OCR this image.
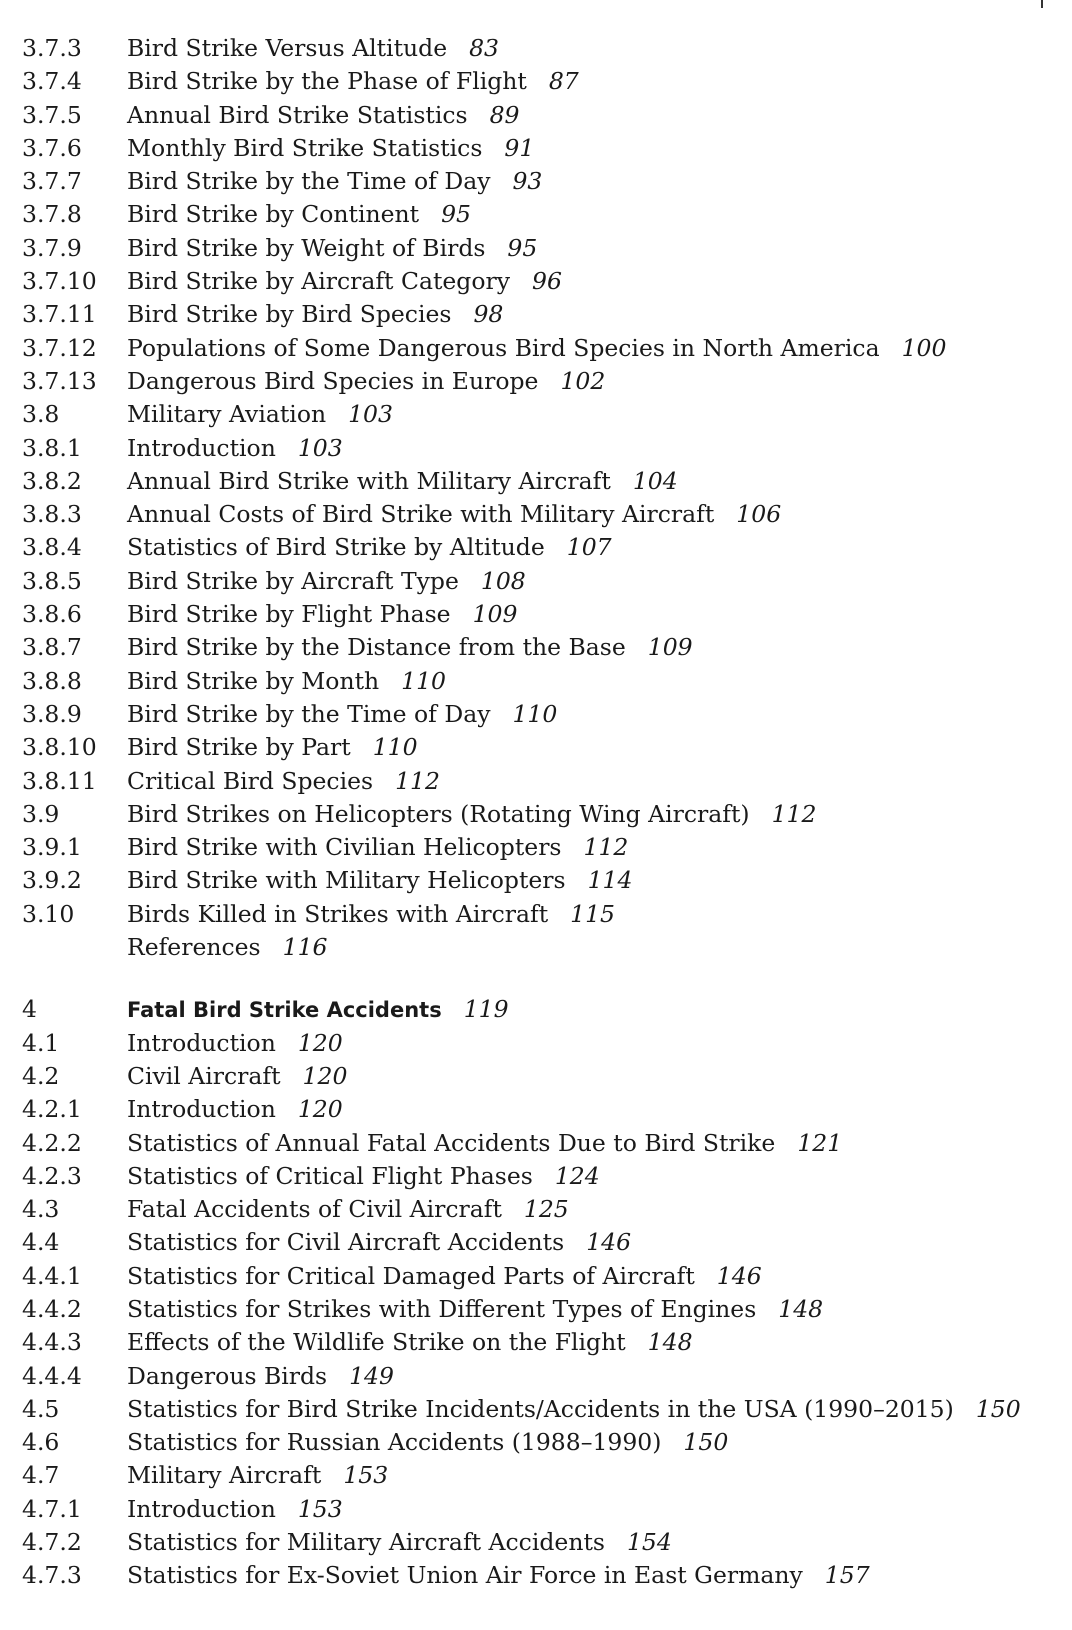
3.7.3	Bird Strike Versus Altitude 83
3.7.4	Bird Strike by the Phase of Flight 87
3.7.5	Annual Bird Strike Statistics 89
3.7.6	Monthly Bird Strike Statistics 91
3.7.7	Bird Strike by the Time of Day 93
3.7.8	Bird Strike by Continent 95
3.7.9	Bird Strike by Weight of Birds 95
3.7.10	Bird Strike by Aircraft Category 96
3.7.11	Bird Strike by Bird Species 98
3.7.12	Populations of Some Dangerous Bird Species in North America 100
3.7.13	Dangerous Bird Species in Europe 102
3.8	Military Aviation 103
3.8.1	Introduction 103
3.8.2	Annual Bird Strike with Military Aircraft 104
3.8.3	Annual Costs of Bird Strike with Military Aircraft 106
3.8.4	Statistics of Bird Strike by Altitude 107
3.8.5	Bird Strike by Aircraft Type 108
3.8.6	Bird Strike by Flight Phase 109
3.8.7	Bird Strike by the Distance from the Base 109
3.8.8	Bird Strike by Month 110
3.8.9	Bird Strike by the Time of Day 110
3.8.10	Bird Strike by Part 110
3.8.11	Critical Bird Species 112
3.9	Bird Strikes on Helicopters (Rotating Wing Aircraft) 112
3.9.1	Bird Strike with Civilian Helicopters 112
3.9.2	Bird Strike with Military Helicopters 114
3.10	Birds Killed in Strikes with Aircraft 115
References 116
4	Fatal Bird Strike Accidents 119
4.1	Introduction 120
4.2	Civil Aircraft 120
4.2.1	Introduction 120
4.2.2	Statistics of Annual Fatal Accidents Due to Bird Strike 121
4.2.3	Statistics of Critical Flight Phases 124
4.3	Fatal Accidents of Civil Aircraft 125
4.4	Statistics for Civil Aircraft Accidents 146
4.4.1	Statistics for Critical Damaged Parts of Aircraft 146
4.4.2	Statistics for Strikes with Different Types of Engines 148
4.4.3	Effects of the Wildlife Strike on the Flight 148
4.4.4	Dangerous Birds 149
4.5	Statistics for Bird Strike Incidents/Accidents in the USA (1990–2015) 150
4.6	Statistics for Russian Accidents (1988–1990) 150
4.7	Military Aircraft 153
4.7.1	Introduction 153
4.7.2	Statistics for Military Aircraft Accidents 154
4.7.3	Statistics for Ex-Soviet Union Air Force in East Germany 157
